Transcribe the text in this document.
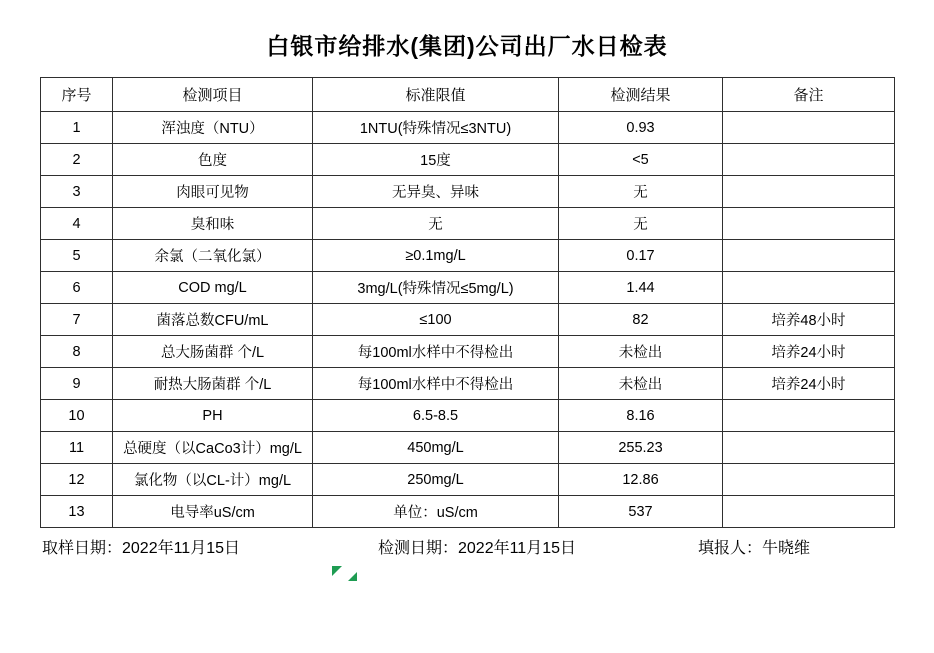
白银市给排水(集团)公司出厂水日检表
序号	检测项目	标准限值	检测结果	备注
1	浑浊度（NTU）	1NTU(特殊情况≤3NTU)	0.93	
2	色度	15度	<5	
3	肉眼可见物	无异臭、异味	无	
4	臭和味	无	无	
5	余氯（二氧化氯）	≥0.1mg/L	0.17	
6	COD mg/L	3mg/L(特殊情况≤5mg/L)	1.44	
7	菌落总数CFU/mL	≤100	82	培养48小时
8	总大肠菌群 个/L	每100ml水样中不得检出	未检出	培养24小时
9	耐热大肠菌群 个/L	每100ml水样中不得检出	未检出	培养24小时
10	PH	6.5-8.5	8.16	
11	总硬度（以CaCo3计）mg/L	450mg/L	255.23	
12	氯化物（以CL-计）mg/L	250mg/L	12.86	
13	电导率uS/cm	单位：uS/cm	537	
取样日期：2022年11月15日	检测日期：2022年11月15日	填报人：牛晓维
